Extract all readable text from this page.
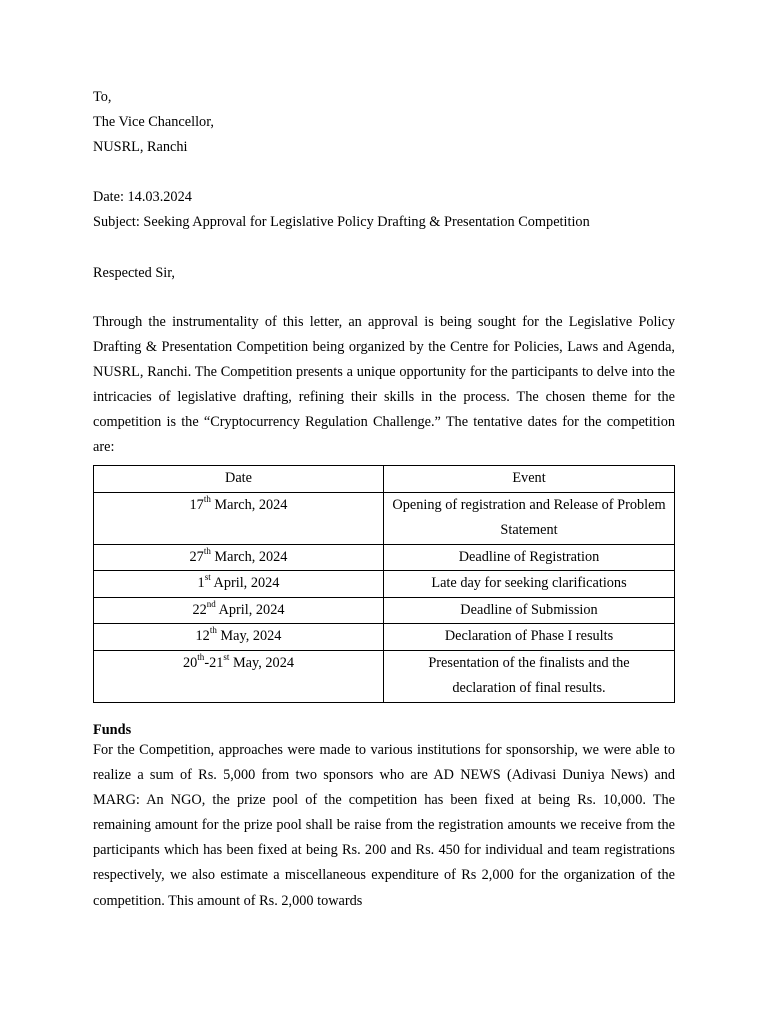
To,
The Vice Chancellor,
NUSRL, Ranchi
Date: 14.03.2024
Subject: Seeking Approval for Legislative Policy Drafting & Presentation Competition
Respected Sir,

Through the instrumentality of this letter, an approval is being sought for the Legislative Policy Drafting & Presentation Competition being organized by the Centre for Policies, Laws and Agenda, NUSRL, Ranchi. The Competition presents a unique opportunity for the participants to delve into the intricacies of legislative drafting, refining their skills in the process. The chosen theme for the competition is the “Cryptocurrency Regulation Challenge.” The tentative dates for the competition are:

Date	Event
17th March, 2024	Opening of registration and Release of Problem Statement
27th March, 2024	Deadline of Registration
1st April, 2024	Late day for seeking clarifications
22nd April, 2024	Deadline of Submission
12th May, 2024	Declaration of Phase I results
20th-21st May, 2024	Presentation of the finalists and the declaration of final results.
Funds

For the Competition, approaches were made to various institutions for sponsorship, we were able to realize a sum of Rs. 5,000 from two sponsors who are AD NEWS (Adivasi Duniya News) and MARG: An NGO, the prize pool of the competition has been fixed at being Rs. 10,000. The remaining amount for the prize pool shall be raise from the registration amounts we receive from the participants which has been fixed at being Rs. 200 and Rs. 450 for individual and team registrations respectively, we also estimate a miscellaneous expenditure of Rs 2,000 for the organization of the competition. This amount of Rs. 2,000 towards
